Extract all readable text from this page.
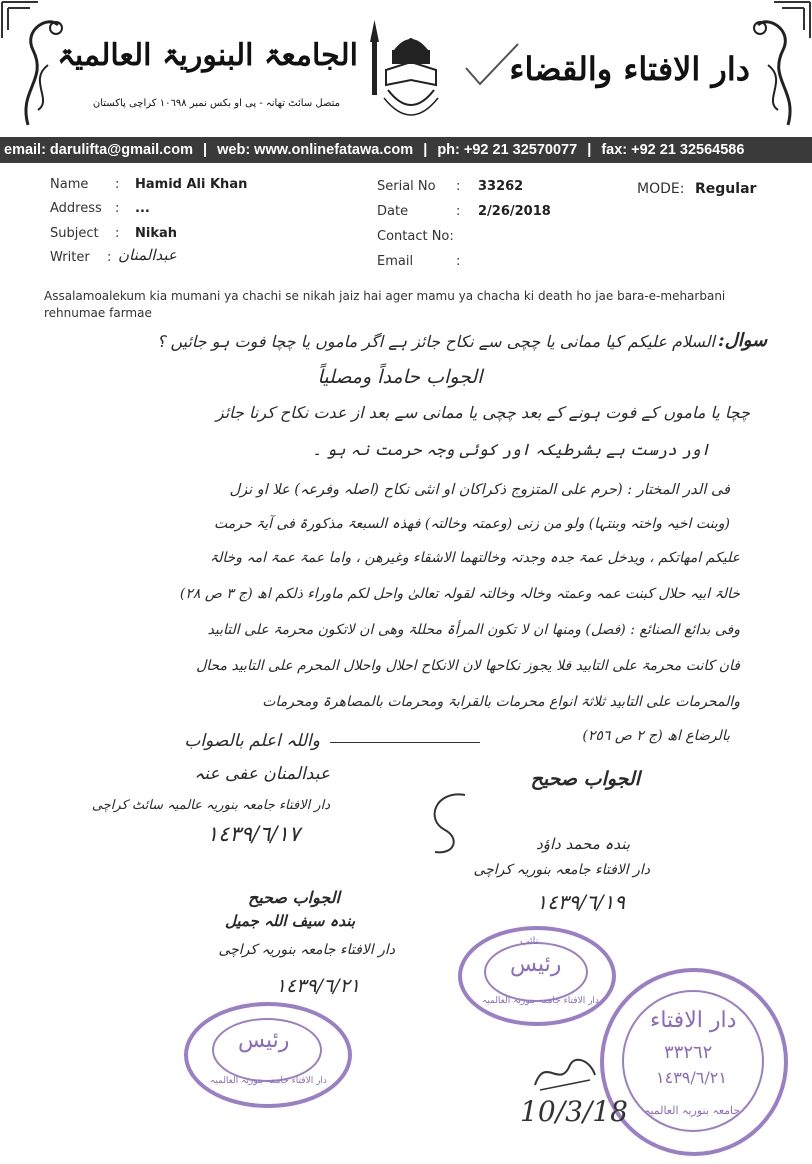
الجامعۃ البنوریۃ العالمیۃ
متصل سائٹ تھانہ - پی او بکس نمبر ١٠٦٩٨ کراچی پاکستان
دار الافتاء والقضاء
email: darulifta@gmail.com | web: www.onlinefatawa.com | ph: +92 21 32570077 | fax: +92 21 32564586
Name : Hamid Ali Khan
Address : ...
Subject : Nikah
Writer : عبدالمنان
Serial No : 33262
Date	: 2/26/2018
Contact No:
Email	:
MODE: Regular
Assalamoalekum kia mumani ya chachi se nikah jaiz hai ager mamu ya chacha ki death ho jae bara-e-meharbani rehnumae farmae
سوال:
السلام علیکم کیا ممانی یا چچی سے نکاح جائز ہے اگر ماموں یا چچا فوت ہو جائیں ؟
الجواب حامداً ومصلیاً
چچا یا ماموں کے فوت ہونے کے بعد چچی یا ممانی سے بعد از عدت نکاح کرنا جائز
اور درست ہے بشرطیکہ اور کوئی وجہ حرمت نہ ہو ۔
فی الدر المختار : (حرم علی المتزوج ذکراکان او انثی نکاح (اصلہ وفرعہ) علا او نزل
(وبنت اخیہ واختہ وبنتہا) ولو من زنی (وعمتہ وخالتہ) فھذہ السبعۃ مذکورۃ فی آیۃ حرمت
علیکم امھاتکم ، ویدخل عمۃ جدہ وجدتہ وخالتھما الاشقاء وغیرھن ، واما عمۃ عمۃ امہ وخالۃ
خالۃ ابیہ حلال کبنت عمہ وعمتہ وخالہ وخالتہ لقولہ تعالیٰ واحل لکم ماوراء ذلکم اھ (ج ٣ ص ٢٨)
وفی بدائع الصنائع : (فصل) ومنھا ان لا تکون المرأۃ محللۃ وھی ان لاتکون محرمۃ علی التابید
فان کانت محرمۃ علی التابید فلا یجوز نکاحھا لان الانکاح احلال واحلال المحرم علی التابید محال
والمحرمات علی التابید ثلاثۃ انواع محرمات بالقرابۃ ومحرمات بالمصاھرۃ ومحرمات
بالرضاع اھ (ج ٢ ص ٢٥٦)
واللہ اعلم بالصواب
عبدالمنان عفی عنہ
دار الافتاء جامعہ بنوریہ عالمیہ سائٹ کراچی
١٤٣٩/٦/١٧
الجواب صحیح
بندہ محمد داؤد
دار الافتاء جامعہ بنوریہ کراچی
١٤٣٩/٦/١٩
الجواب صحیح
بندہ سیف اللہ جمیل
دار الافتاء جامعہ بنوریہ کراچی
١٤٣٩/٦/٢١
نائب
رئیس
دار الافتاء جامعہ بنوریہ العالمیہ
رئیس
دار الافتاء جامعہ بنوریہ العالمیہ
دار الافتاء
٣٣٢٦٢
١٤٣٩/٦/٢١
جامعہ بنوریہ العالمیہ
10/3/18
